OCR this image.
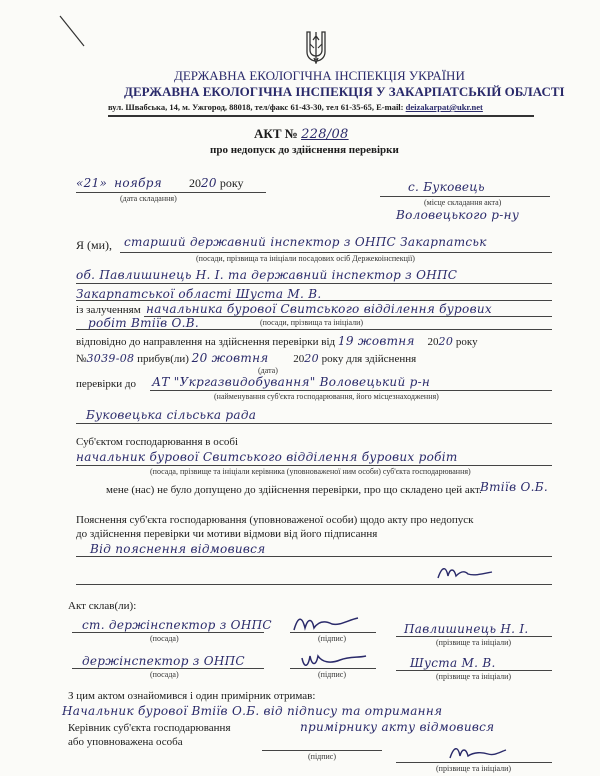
ДЕРЖАВНА ЕКОЛОГІЧНА ІНСПЕКЦІЯ УКРАЇНИ
ДЕРЖАВНА ЕКОЛОГІЧНА ІНСПЕКЦІЯ У ЗАКАРПАТСЬКІЙ ОБЛАСТІ
вул. Швабська, 14, м. Ужгород, 88018, тел/факс 61-43-30, тел 61-35-65, E-mail: deizakarpat@ukr.net
АКТ № 228/08
про недопуск до здійснення перевірки
«21» ноября 2020 року
(дата складання)
с. Буковець
(місце складання акта)
Воловецького р-ну
Я (ми), старший державний інспектор з ОНПС Закарпатськ
(посади, прізвища та ініціали посадових осіб Держекоінспекції)
об. Павлишинець Н. І. та державний інспектор з ОНПС
Закарпатської області Шуста М. В.
із залученням начальника бурової Свитського відділення бурових
робіт Втіїв О.В.	(посади, прізвища та ініціали)
відповідно до направлення на здійснення перевірки від 19 жовтня 2020 року
№3039-08 прибув(ли) 20 жовтня 2020 року для здійснення
(дата)
перевірки до АТ "Укргазвидобування" Воловецький р-н
(найменування суб'єкта господарювання, його місцезнаходження)
Буковецька сільська рада
Суб'єктом господарювання в особі
начальник бурової Свитського відділення бурових робіт
(посада, прізвище та ініціали керівника (уповноваженої ним особи) суб'єкта господарювання)
мене (нас) не було допущено до здійснення перевірки, про що складено цей акт.
Втіїв О.Б.
Пояснення суб'єкта господарювання (уповноваженої особи) щодо акту про недопуск
до здійснення перевірки чи мотиви відмови від його підписання
Від пояснення відмовився
Акт склав(ли):
ст. держінспектор з ОНПС
(посада)	(підпис)
Павлишинець Н. І.
(прізвище та ініціали)
держінспектор з ОНПС
(посада)	(підпис)
Шуста М. В.
(прізвище та ініціали)
З цим актом ознайомився і один примірник отримав:
Начальник бурової Втіїв О.Б. від підпису та отримання
Керівник суб'єкта господарювання	примірнику акту відмовився
або уповноважена особа
(підпис)
(прізвище та ініціали)
